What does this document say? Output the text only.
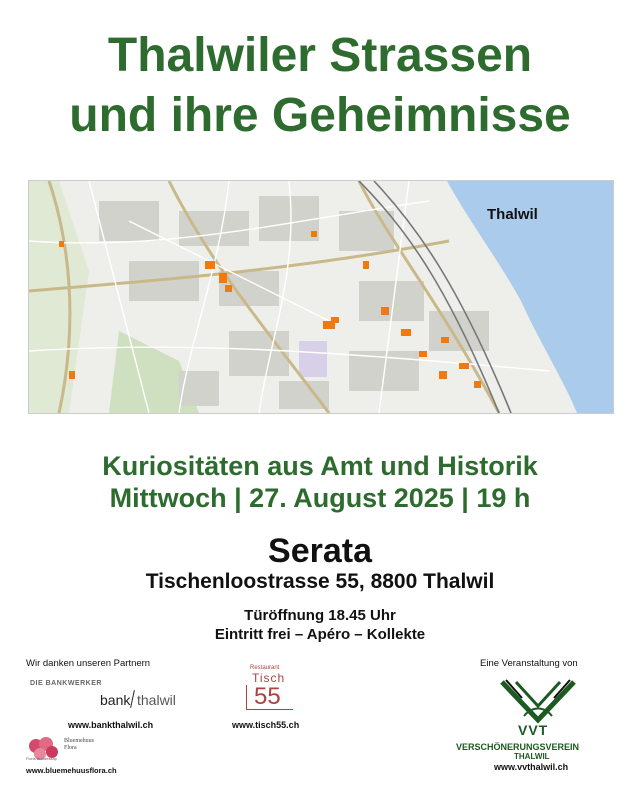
Thalwiler Strassen
und ihre Geheimnisse
Thalwil
Kuriositäten aus Amt und Historik
Mittwoch | 27. August 2025 | 19 h
Serata
Tischenloostrasse 55, 8800 Thalwil
Türöffnung 18.45 Uhr
Eintritt frei – Apéro – Kollekte
Wir danken unseren Partnern
DIE BANKWERKER
bank thalwil
www.bankthalwil.ch
Restaurant
Tisch
55
www.tisch55.ch
Bluemehuus Flora
Floris Bundeskap
www.bluemehuusflora.ch
Eine Veranstaltung von
VVT
VERSCHÖNERUNGSVEREIN
THALWIL
www.vvthalwil.ch
